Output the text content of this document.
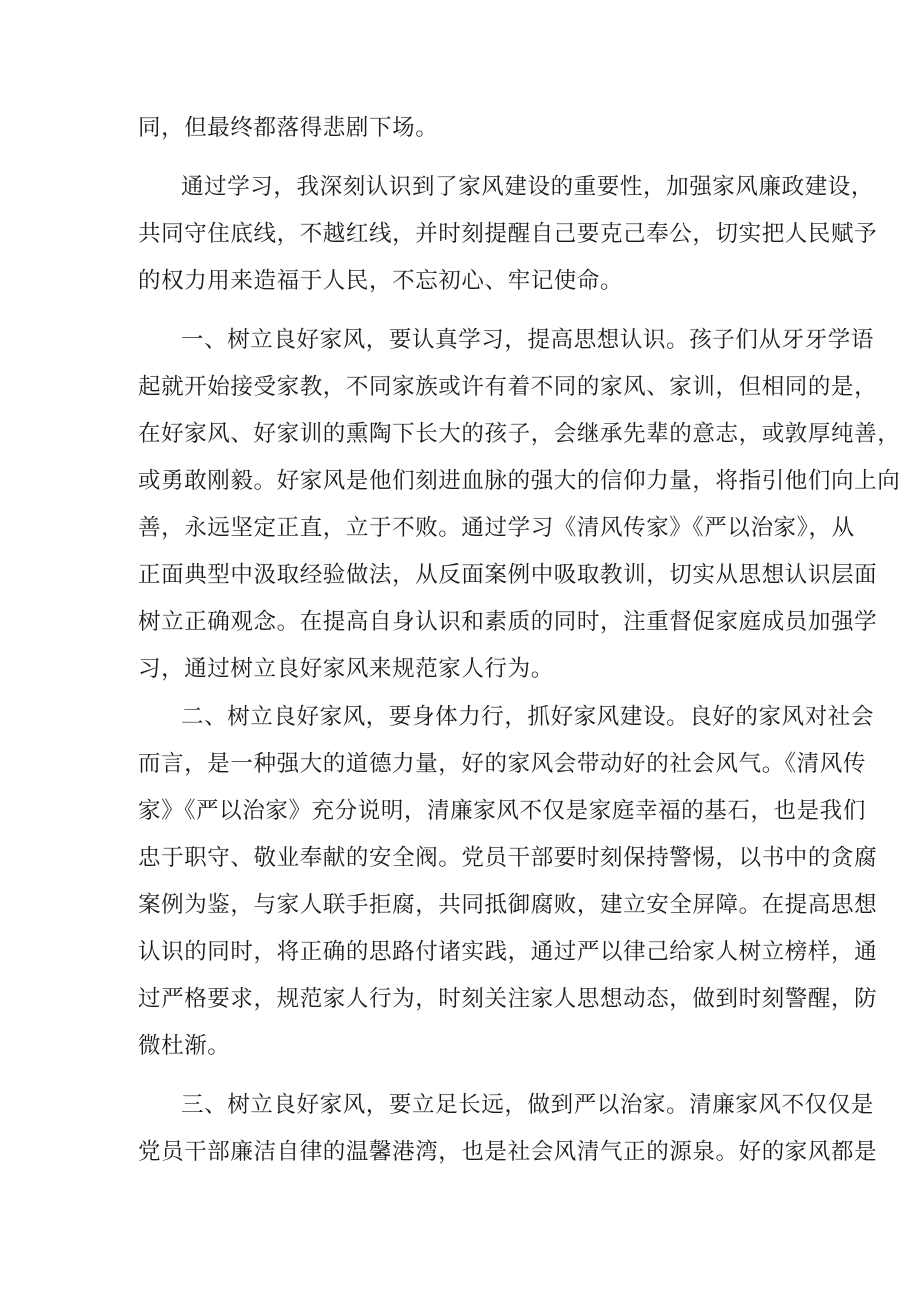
同，但最终都落得悲剧下场。
通过学习，我深刻认识到了家风建设的重要性，加强家风廉政建设，
共同守住底线，不越红线，并时刻提醒自己要克己奉公，切实把人民赋予
的权力用来造福于人民，不忘初心、牢记使命。
一、树立良好家风，要认真学习，提高思想认识。孩子们从牙牙学语
起就开始接受家教，不同家族或许有着不同的家风、家训，但相同的是，
在好家风、好家训的熏陶下长大的孩子，会继承先辈的意志，或敦厚纯善，
或勇敢刚毅。好家风是他们刻进血脉的强大的信仰力量，将指引他们向上向
善，永远坚定正直，立于不败。通过学习《清风传家》《严以治家》，从
正面典型中汲取经验做法，从反面案例中吸取教训，切实从思想认识层面
树立正确观念。在提高自身认识和素质的同时，注重督促家庭成员加强学
习，通过树立良好家风来规范家人行为。
二、树立良好家风，要身体力行，抓好家风建设。良好的家风对社会
而言，是一种强大的道德力量，好的家风会带动好的社会风气。《清风传
家》《严以治家》充分说明，清廉家风不仅是家庭幸福的基石，也是我们
忠于职守、敬业奉献的安全阀。党员干部要时刻保持警惕，以书中的贪腐
案例为鉴，与家人联手拒腐，共同抵御腐败，建立安全屏障。在提高思想
认识的同时，将正确的思路付诸实践，通过严以律己给家人树立榜样，通
过严格要求，规范家人行为，时刻关注家人思想动态，做到时刻警醒，防
微杜渐。
三、树立良好家风，要立足长远，做到严以治家。清廉家风不仅仅是
党员干部廉洁自律的温馨港湾，也是社会风清气正的源泉。好的家风都是
